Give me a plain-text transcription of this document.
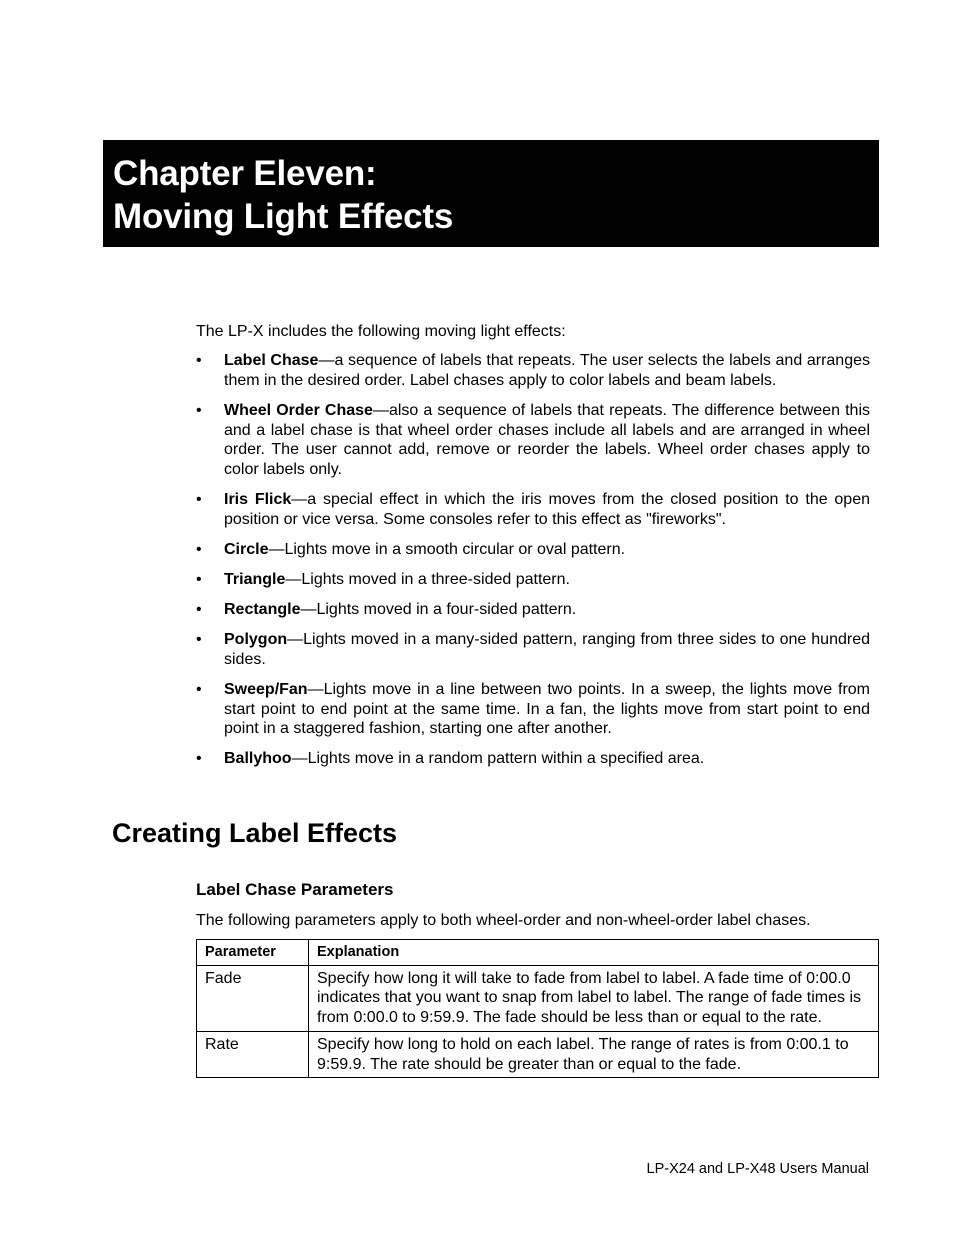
Chapter Eleven:
Moving Light Effects
The LP-X includes the following moving light effects:
• Label Chase—a sequence of labels that repeats. The user selects the labels and arranges them in the desired order. Label chases apply to color labels and beam labels.
• Wheel Order Chase—also a sequence of labels that repeats. The difference between this and a label chase is that wheel order chases include all labels and are arranged in wheel order. The user cannot add, remove or reorder the labels. Wheel order chases apply to color labels only.
• Iris Flick—a special effect in which the iris moves from the closed position to the open position or vice versa. Some consoles refer to this effect as "fireworks".
• Circle—Lights move in a smooth circular or oval pattern.
• Triangle—Lights moved in a three-sided pattern.
• Rectangle—Lights moved in a four-sided pattern.
• Polygon—Lights moved in a many-sided pattern, ranging from three sides to one hundred sides.
• Sweep/Fan—Lights move in a line between two points. In a sweep, the lights move from start point to end point at the same time. In a fan, the lights move from start point to end point in a staggered fashion, starting one after another.
• Ballyhoo—Lights move in a random pattern within a specified area.
Creating Label Effects
Label Chase Parameters
The following parameters apply to both wheel-order and non-wheel-order label chases.
Parameter	Explanation
Fade	Specify how long it will take to fade from label to label. A fade time of 0:00.0 indicates that you want to snap from label to label. The range of fade times is from 0:00.0 to 9:59.9. The fade should be less than or equal to the rate.
Rate	Specify how long to hold on each label. The range of rates is from 0:00.1 to 9:59.9. The rate should be greater than or equal to the fade.
LP-X24 and LP-X48 Users Manual
